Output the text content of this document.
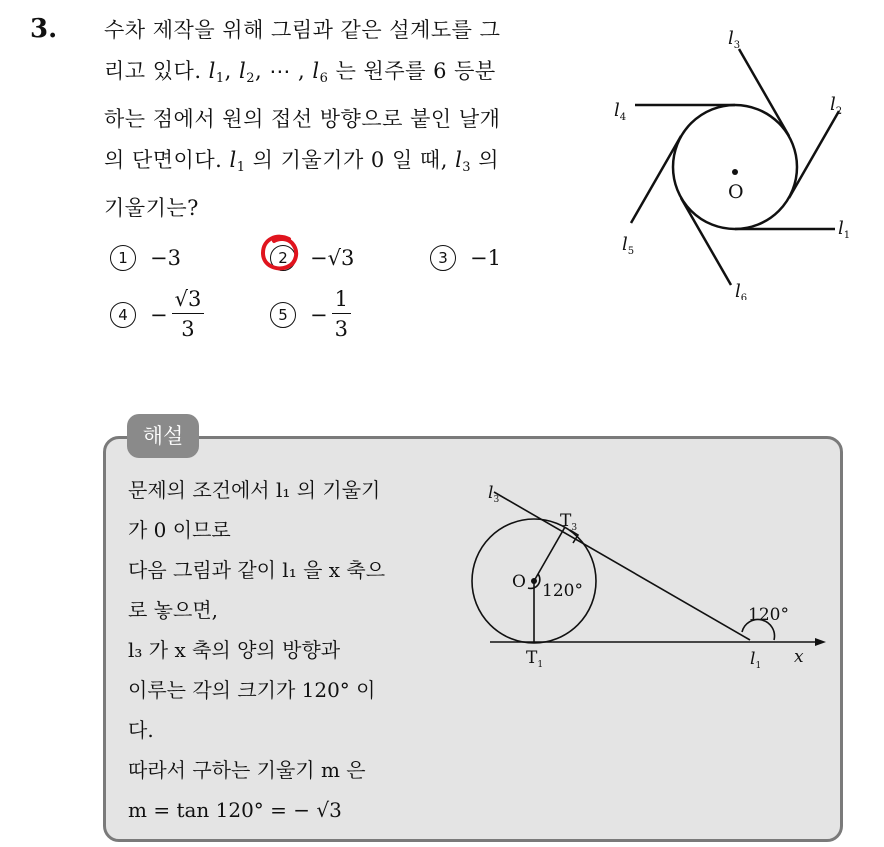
3. 수차 제작을 위해 그림과 같은 설계도를 그
리고 있다. $l_1$, $l_2$, ⋯ , $l_6$ 는 원주를 6 등분
하는 점에서 원의 접선 방향으로 붙인 날개
의 단면이다. $l_1$ 의 기울기가 0 일 때, $l_3$ 의
기울기는?
1	−3	2	−√3	3	−1
4	− $\frac{√3}{3}$	5	− $\frac{1}{3}$
O
$l_1$
$l_2$
$l_3$
$l_4$
$l_5$
$l_6$
해설
문제의 조건에서 l₁ 의 기울기
가 0 이므로
다음 그림과 같이 l₁ 을 x 축으
로 놓으면,
l₃ 가 x 축의 양의 방향과
이루는 각의 크기가 120° 이
다.
따라서 구하는 기울기 m 은
m = tan 120° = − √3
$l_3$
$T_3$
O 120°
120°
$T_1$	$l_1$ x
